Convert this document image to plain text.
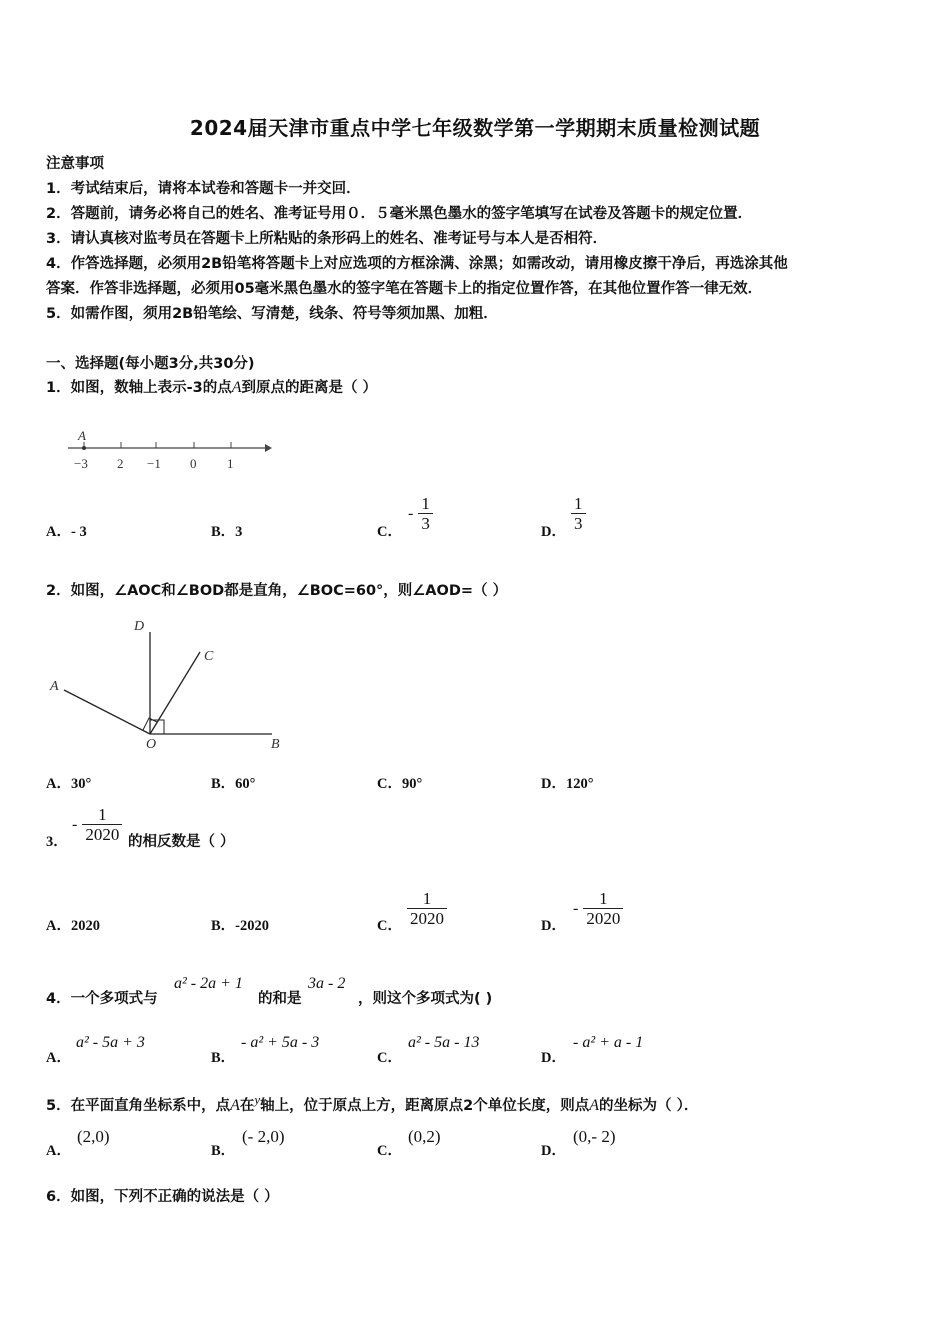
2024届天津市重点中学七年级数学第一学期期末质量检测试题
注意事项
1．考试结束后，请将本试卷和答题卡一并交回．
2．答题前，请务必将自己的姓名、准考证号用０．５毫米黑色墨水的签字笔填写在试卷及答题卡的规定位置．
3．请认真核对监考员在答题卡上所粘贴的条形码上的姓名、准考证号与本人是否相符．
4．作答选择题，必须用2B铅笔将答题卡上对应选项的方框涂满、涂黑；如需改动，请用橡皮擦干净后，再选涂其他
答案．作答非选择题，必须用05毫米黑色墨水的签字笔在答题卡上的指定位置作答，在其他位置作答一律无效．
5．如需作图，须用2B铅笔绘、写清楚，线条、符号等须加黑、加粗．
一、选择题(每小题3分,共30分)
1．如图，数轴上表示-3的点A到原点的距离是（ ）
A
−3 2 −1 0 1
A．- 3	B．3	C．
- $\frac{1}{3}$	D． $\frac{1}{3}$
2．如图，∠AOC和∠BOD都是直角，∠BOC=60°，则∠AOD=（ ）
D
C
A
O	B
A．30°	B．60°	C．90°	D．120°
3．
- $\frac{1}{2020}$ 的相反数是（ ）
A．2020	B．-2020	C． $\frac{1}{2020}$	D．
- $\frac{1}{2020}$
4．一个多项式与
a² - 2a + 1
的和是
3a - 2
，则这个多项式为( )
A．
a² - 5a + 3
B．
- a² + 5a - 3
C．
a² - 5a - 13
D．
- a² + a - 1
5．在平面直角坐标系中，点A在$^y$轴上，位于原点上方，距离原点2个单位长度，则点A的坐标为（ ）．
A．
(2,0)
B．
(- 2,0)
C．
(0,2)
D．
(0,- 2)
6．如图，下列不正确的说法是（ ）
